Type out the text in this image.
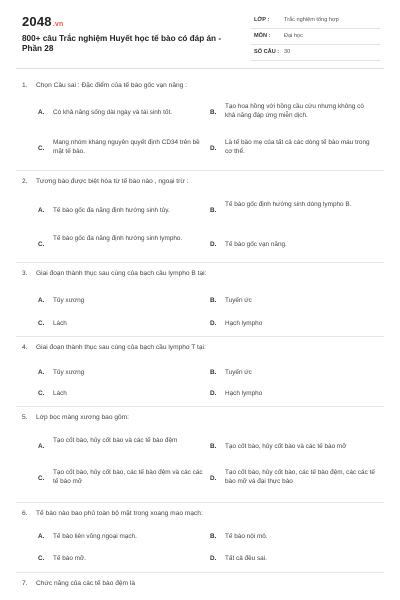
2048.vn
800+ câu Trắc nghiệm Huyết học tế bào có đáp án - Phần 28
LỚP :	Trắc nghiệm tổng hợp
MÔN : Đại học
SỐ CÂU : 30
1. Chọn Câu sai : Đặc điểm của tế bào gốc vạn năng :
A. Có khả năng sống dài ngày và tái sinh tốt.	B.
Tạo hoa hồng với hồng cầu cừu nhưng không có khả năng đáp ứng miễn dịch.
C.
Mang nhóm kháng nguyên quyết định CD34 trên bề mặt tế bào.	D.
Là tế bào mẹ của tất cả các dòng tế bào máu trong cơ thể.
2. Tương bào được biệt hóa từ tế bào nào , ngoại trừ :
A. Tế bào gốc đa năng định hướng sinh tủy.	B.
Tế bào gốc định hướng sinh dòng lympho B.
C.
Tế bào gốc đa năng định hướng sinh lympho.
D. Tế bào gốc vạn năng.
3. Giai đoạn thành thục sau cùng của bạch cầu lympho B tại:
A. Tủy xương	B. Tuyến ức
C. Lách	D. Hạch lympho
4. Giai đoạn thành thục sau cùng của bạch cầu lympho T tại:
A. Tủy xương	B. Tuyến ức
C. Lách	D. Hạch lympho
5. Lớp bọc màng xương bao gồm:
A.
Tạo cốt bào, hủy cốt bào và các tế bào đệm
B. Tạo cốt bào, hủy cốt bào và các tế bào mỡ
C.
Tạo cốt bào, hủy cốt bào, các tế bào đệm và các các tế bào mỡ	D.
Tạo cốt bào, hủy cốt bào, các tế bào đệm, các các tế bào mỡ và đại thực bào
6. Tế bào nào bao phủ toàn bộ mặt trong xoang mao mạch:
A. Tế bào liên võng ngoại mạch.	B. Tế bào nội mô.
C. Tế bào mỡ.	D. Tất cả đều sai.
7. Chức năng của các tế bào đệm là
